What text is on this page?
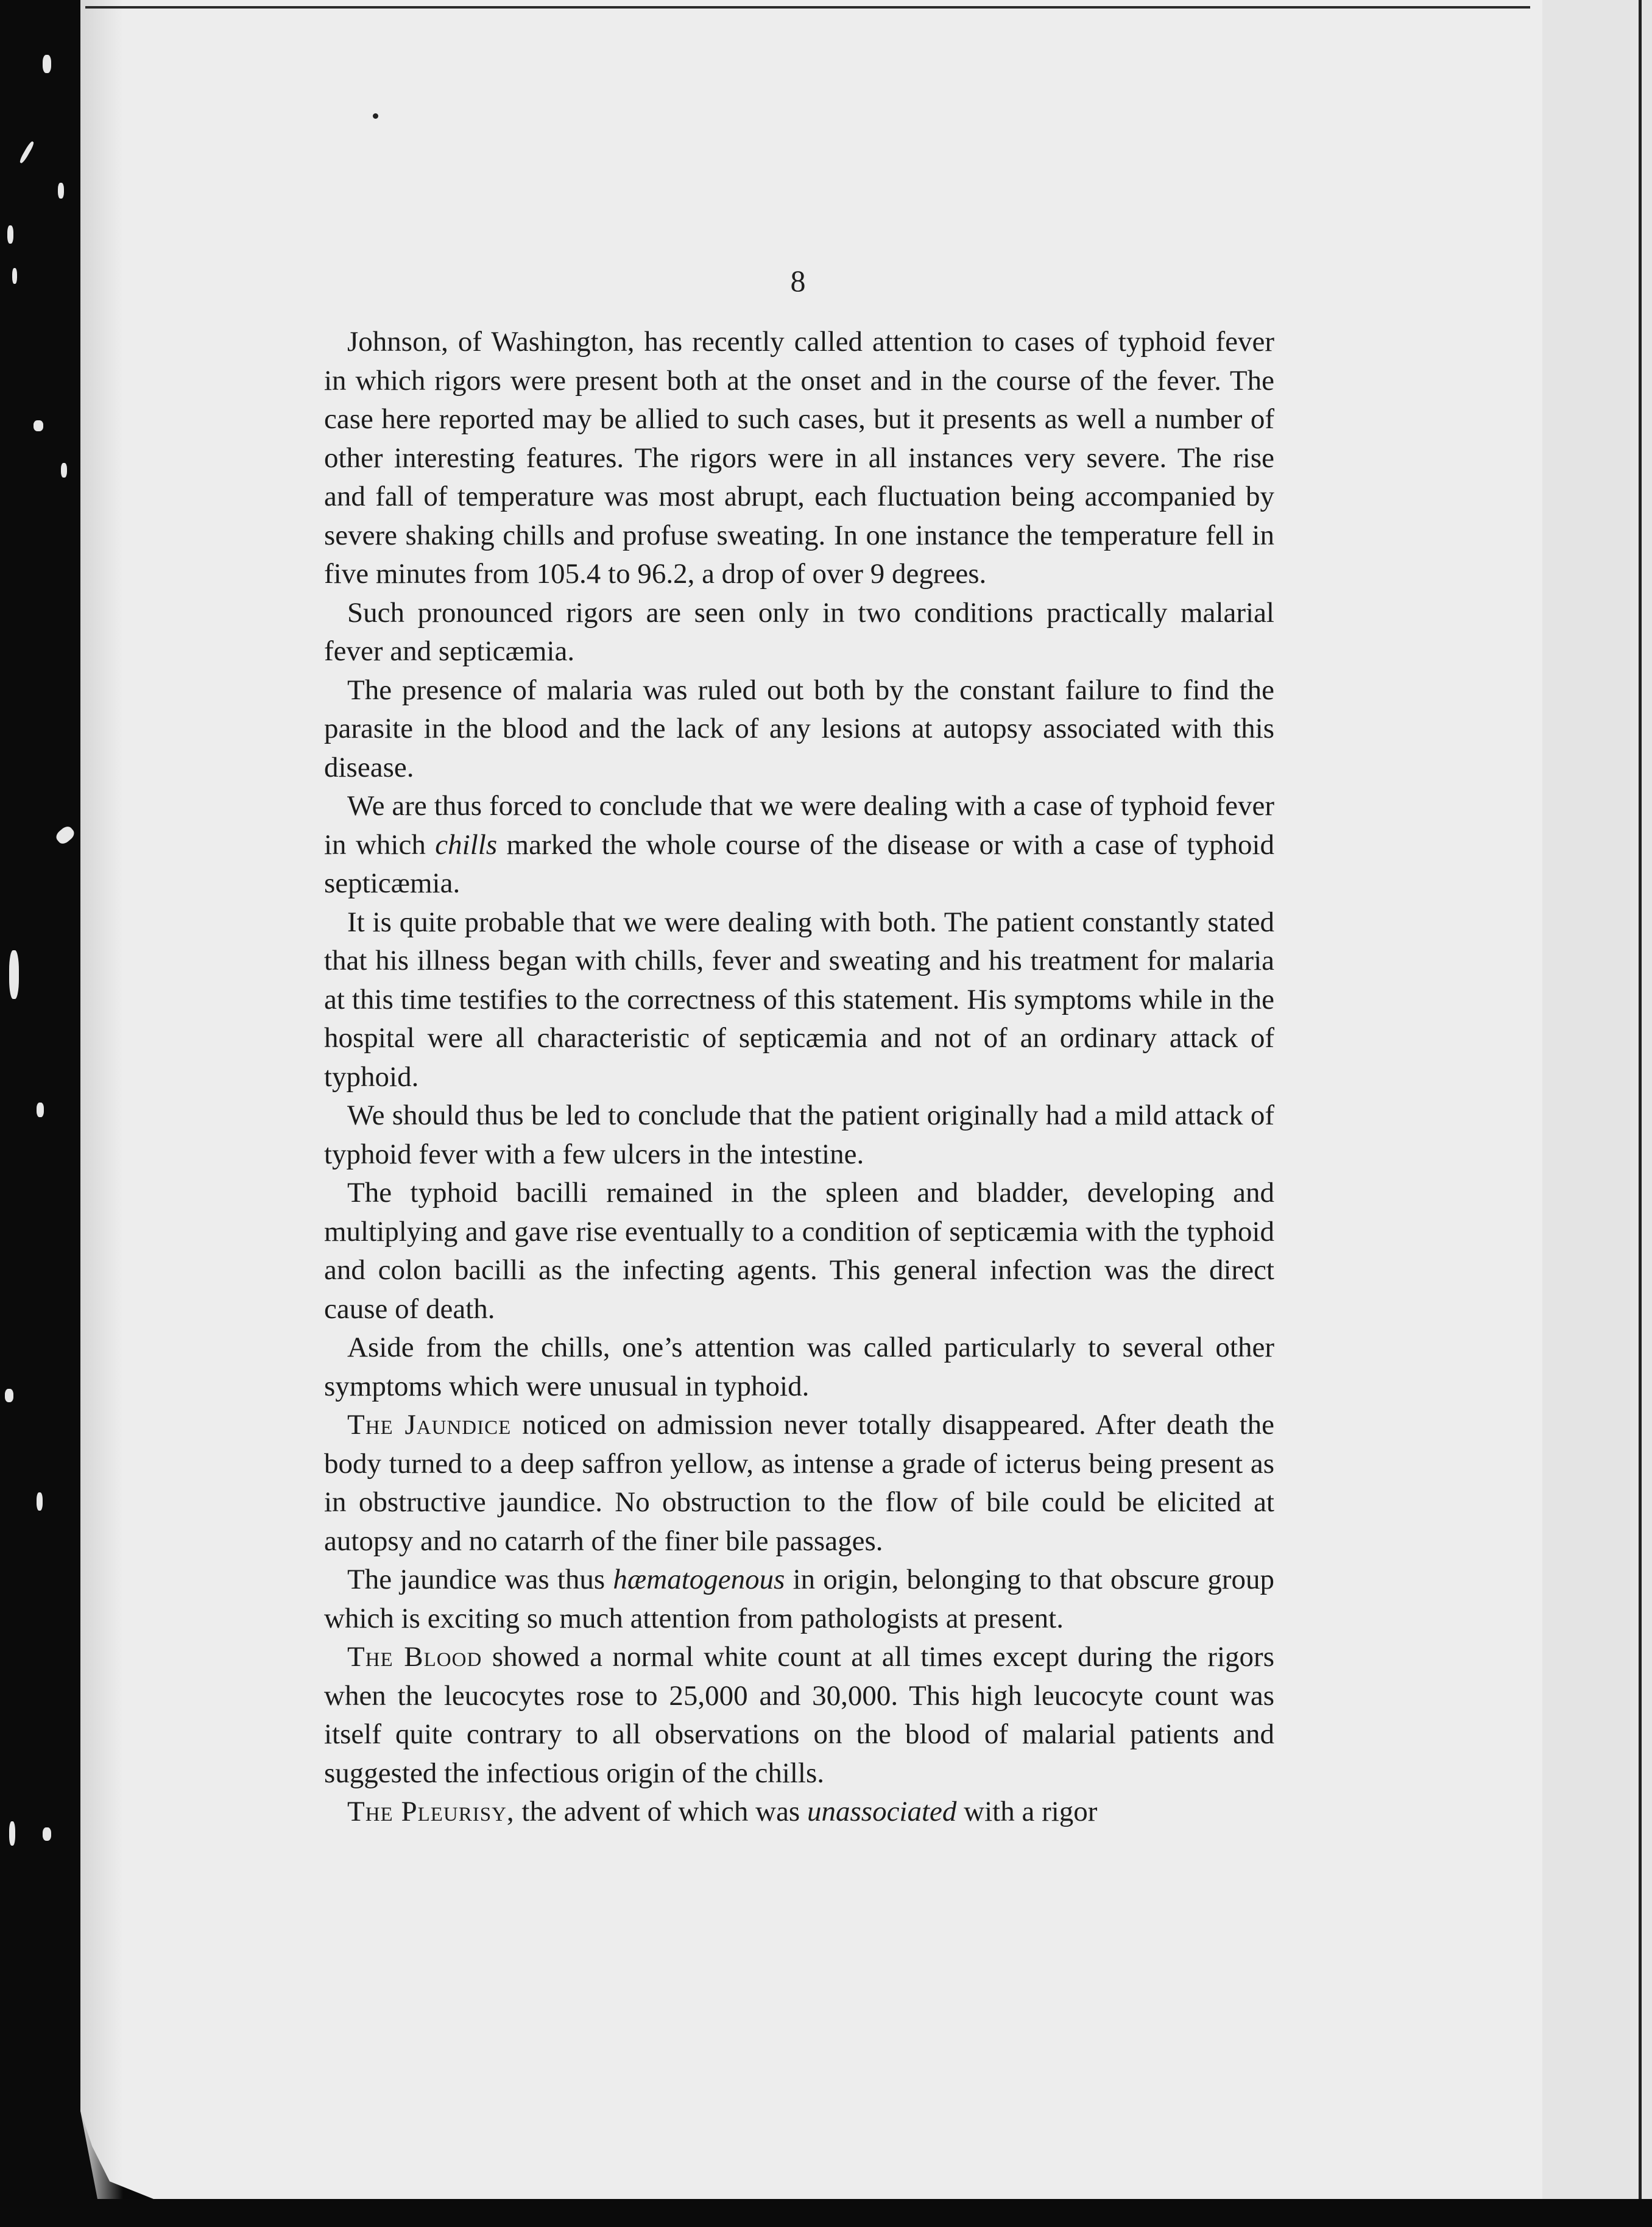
8

Johnson, of Washington, has recently called attention to cases of typhoid fever in which rigors were present both at the onset and in the course of the fever. The case here reported may be allied to such cases, but it presents as well a number of other interesting features. The rigors were in all instances very severe. The rise and fall of temperature was most abrupt, each fluctuation being accompanied by severe shaking chills and profuse sweating. In one instance the temperature fell in five minutes from 105.4 to 96.2, a drop of over 9 degrees.

Such pronounced rigors are seen only in two conditions practically malarial fever and septicæmia.

The presence of malaria was ruled out both by the constant failure to find the parasite in the blood and the lack of any lesions at autopsy associated with this disease.

We are thus forced to conclude that we were dealing with a case of typhoid fever in which chills marked the whole course of the disease or with a case of typhoid septicæmia.

It is quite probable that we were dealing with both. The patient constantly stated that his illness began with chills, fever and sweating and his treatment for malaria at this time testifies to the correctness of this statement. His symptoms while in the hospital were all characteristic of septicæmia and not of an ordinary attack of typhoid.

We should thus be led to conclude that the patient originally had a mild attack of typhoid fever with a few ulcers in the intestine.

The typhoid bacilli remained in the spleen and bladder, developing and multiplying and gave rise eventually to a condition of septicæmia with the typhoid and colon bacilli as the infecting agents. This general infection was the direct cause of death.

Aside from the chills, one’s attention was called particularly to several other symptoms which were unusual in typhoid.

The Jaundice noticed on admission never totally disappeared. After death the body turned to a deep saffron yellow, as intense a grade of icterus being present as in obstructive jaundice. No obstruction to the flow of bile could be elicited at autopsy and no catarrh of the finer bile passages.

The jaundice was thus hæmatogenous in origin, belonging to that obscure group which is exciting so much attention from pathologists at present.

The Blood showed a normal white count at all times except during the rigors when the leucocytes rose to 25,000 and 30,000. This high leucocyte count was itself quite contrary to all observations on the blood of malarial patients and suggested the infectious origin of the chills.

The Pleurisy, the advent of which was unassociated with a rigor
